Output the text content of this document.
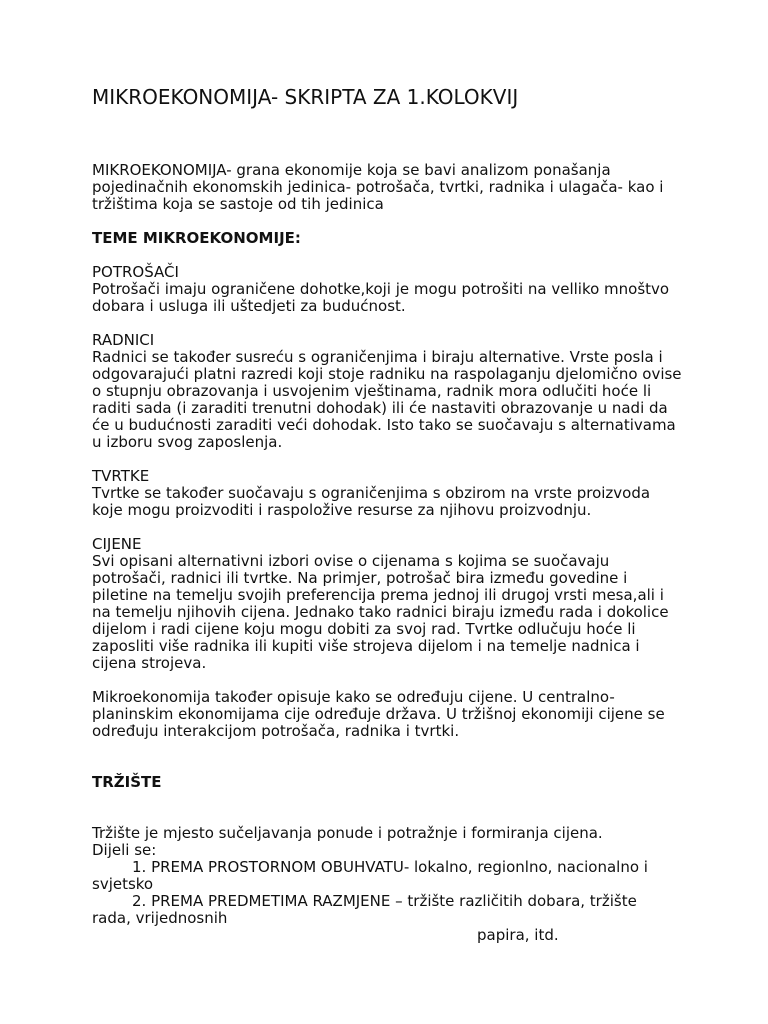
MIKROEKONOMIJA- SKRIPTA ZA 1.KOLOKVIJ

MIKROEKONOMIJA- grana ekonomije koja se bavi analizom ponašanja pojedinačnih ekonomskih jedinica- potrošača, tvrtki, radnika i ulagača- kao i tržištima koja se sastoje od tih jedinica

TEME MIKROEKONOMIJE:

POTROŠAČI

Potrošači imaju ograničene dohotke,koji je mogu potrošiti na velliko mnoštvo dobara i usluga ili uštedjeti za budućnost.

RADNICI

Radnici se također susreću s ograničenjima i biraju alternative. Vrste posla i odgovarajući platni razredi koji stoje radniku na raspolaganju djelomično ovise o stupnju obrazovanja i usvojenim vještinama, radnik mora odlučiti hoće li raditi sada (i zaraditi trenutni dohodak) ili će nastaviti obrazovanje u nadi da će u budućnosti zaraditi veći dohodak. Isto tako se suočavaju s alternativama u izboru svog zaposlenja.

TVRTKE

Tvrtke se također suočavaju s ograničenjima s obzirom na vrste proizvoda koje mogu proizvoditi i raspoložive resurse za njihovu proizvodnju.

CIJENE

Svi opisani alternativni izbori ovise o cijenama s kojima se suočavaju potrošači, radnici ili tvrtke. Na primjer, potrošač bira između govedine i piletine na temelju svojih preferencija prema jednoj ili drugoj vrsti mesa,ali i na temelju njihovih cijena. Jednako tako radnici biraju između rada i dokolice dijelom i radi cijene koju mogu dobiti za svoj rad. Tvrtke odlučuju hoće li zaposliti više radnika ili kupiti više strojeva dijelom i na temelje nadnica i cijena strojeva.

Mikroekonomija također opisuje kako se određuju cijene. U centralno-planinskim ekonomijama cije određuje država. U tržišnoj ekonomiji cijene se određuju interakcijom potrošača, radnika i tvrtki.

TRŽIŠTE

Tržište je mjesto sučeljavanja ponude i potražnje i formiranja cijena.

Dijeli se:

1. PREMA PROSTORNOM OBUHVATU- lokalno, regionlno, nacionalno i

svjetsko

2. PREMA PREDMETIMA RAZMJENE – tržište različitih dobara, tržište

rada, vrijednosnih

papira, itd.
